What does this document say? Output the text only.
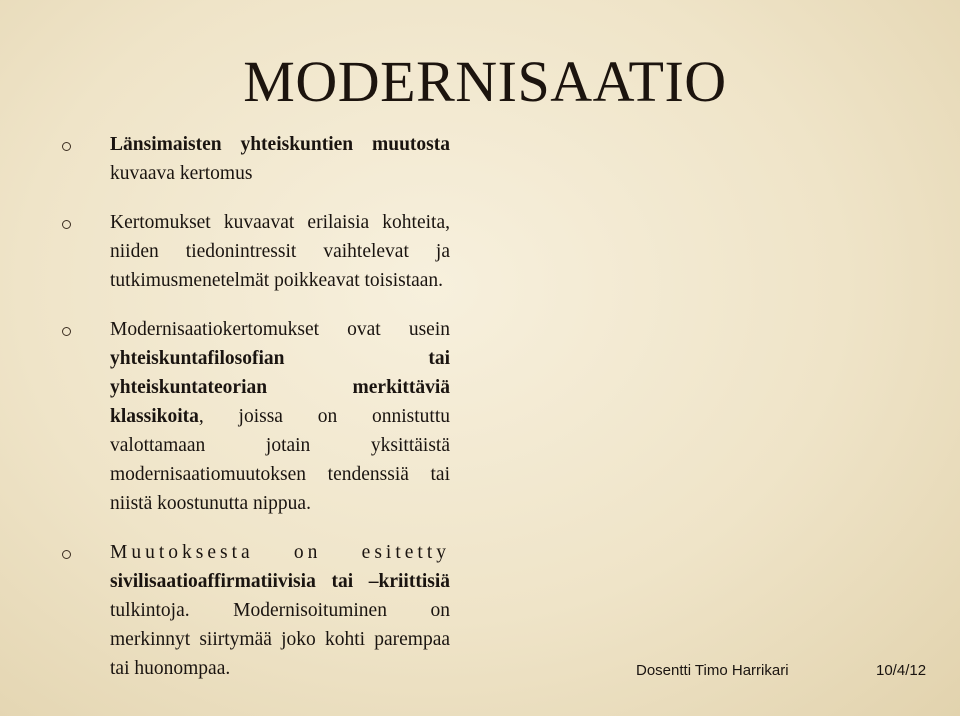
MODERNISAATIO
Länsimaisten yhteiskuntien muutosta kuvaava kertomus
Kertomukset kuvaavat erilaisia kohteita, niiden tiedonintressit vaihtelevat ja tutkimusmenetelmät poikkeavat toisistaan.
Modernisaatiokertomukset ovat usein yhteiskuntafilosofian tai yhteiskuntateorian merkittäviä klassikoita, joissa on onnistuttu valottamaan jotain yksittäistä modernisaatiomuutoksen tendenssiä tai niistä koostunutta nippua.
Muutoksesta on esitetty sivilisaatioaffirmatiivisia tai –kriittisiä tulkintoja. Modernisoituminen on merkinnyt siirtymää joko kohti parempaa tai huonompaa.	Dosentti Timo Harrikari	10/4/12
